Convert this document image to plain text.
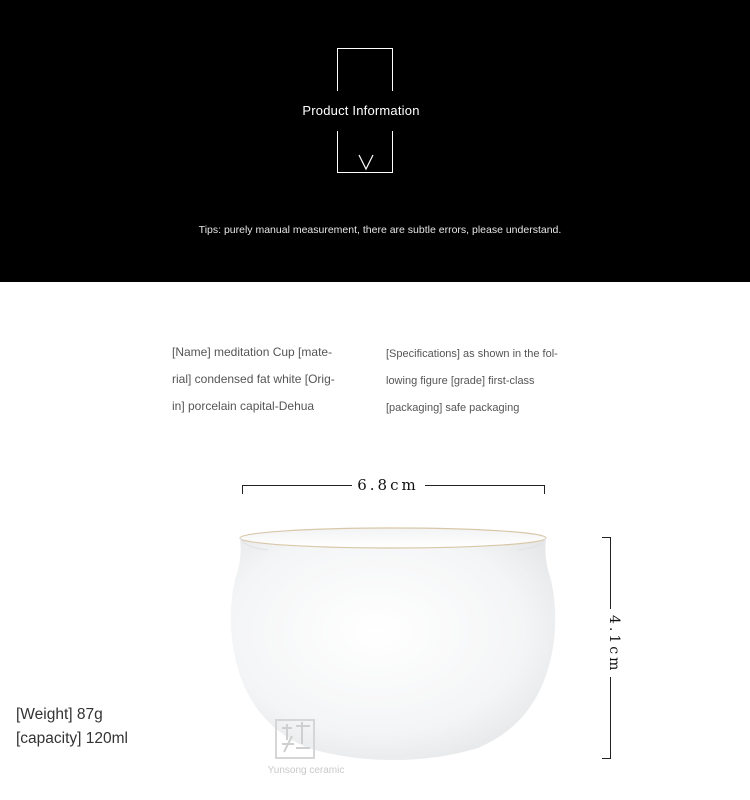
Product Information
Tips: purely manual measurement, there are subtle errors, please understand.
[Name] meditation Cup [mate-
rial] condensed fat white [Orig-
in] porcelain capital-Dehua
[Specifications] as shown in the fol-
lowing figure [grade] first-class
[packaging] safe packaging
6.8cm
Yunsong ceramic
4.1cm
[Weight] 87g
[capacity] 120ml
